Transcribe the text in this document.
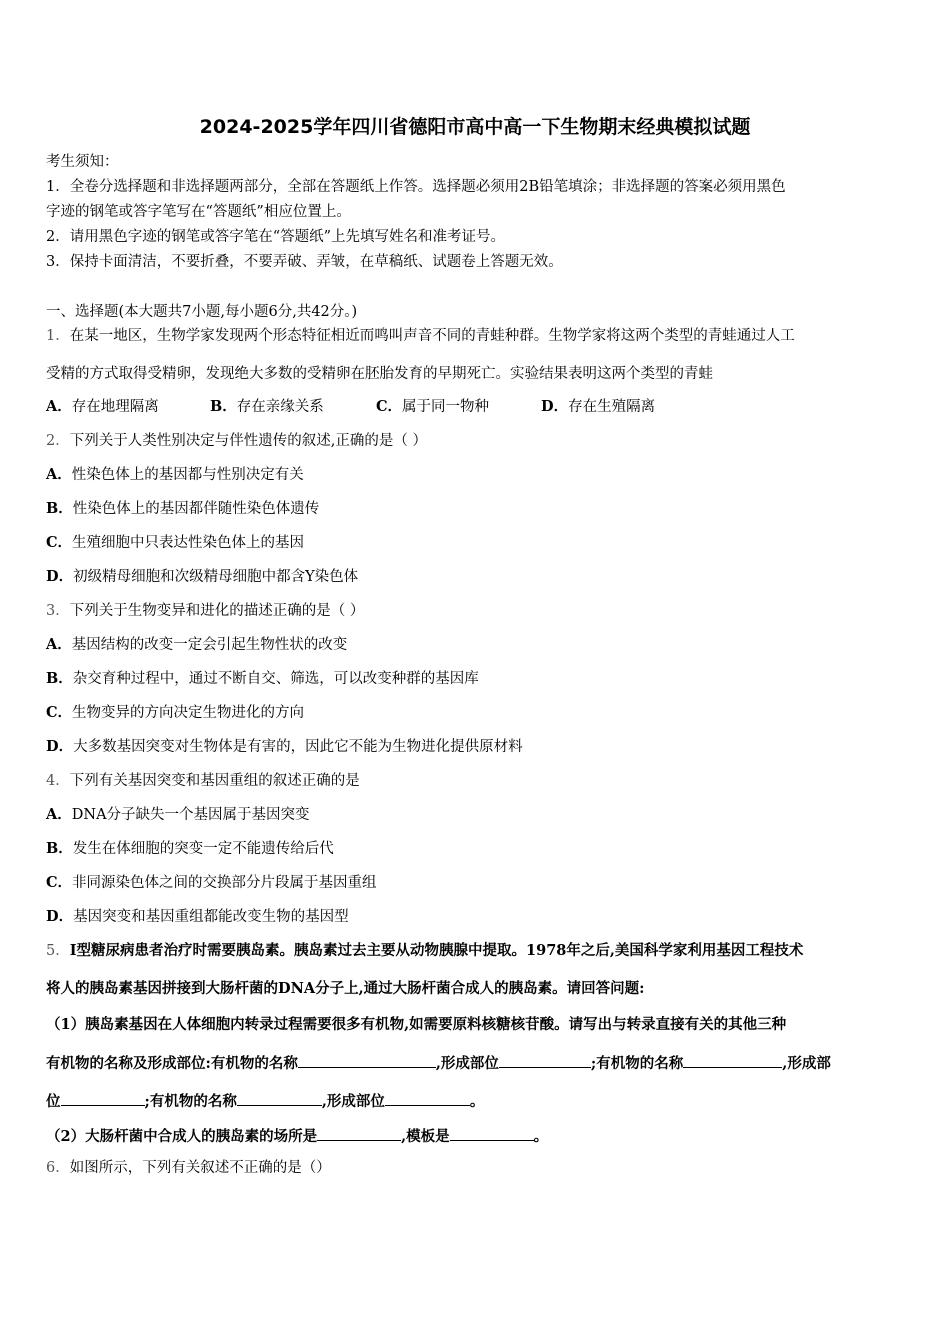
2024-2025学年四川省德阳市高中高一下生物期末经典模拟试题
考生须知：
1．全卷分选择题和非选择题两部分，全部在答题纸上作答。选择题必须用2B铅笔填涂；非选择题的答案必须用黑色
字迹的钢笔或答字笔写在“答题纸”相应位置上。
2．请用黑色字迹的钢笔或答字笔在“答题纸”上先填写姓名和准考证号。
3．保持卡面清洁，不要折叠，不要弄破、弄皱，在草稿纸、试题卷上答题无效。
一、选择题(本大题共7小题,每小题6分,共42分。)
1．在某一地区，生物学家发现两个形态特征相近而鸣叫声音不同的青蛙种群。生物学家将这两个类型的青蛙通过人工
受精的方式取得受精卵，发现绝大多数的受精卵在胚胎发育的早期死亡。实验结果表明这两个类型的青蛙
A．存在地理隔离	B．存在亲缘关系	C．属于同一物种	D．存在生殖隔离
2．下列关于人类性别决定与伴性遗传的叙述,正确的是（ ）
A．性染色体上的基因都与性别决定有关
B．性染色体上的基因都伴随性染色体遗传
C．生殖细胞中只表达性染色体上的基因
D．初级精母细胞和次级精母细胞中都含Y染色体
3．下列关于生物变异和进化的描述正确的是（ ）
A．基因结构的改变一定会引起生物性状的改变
B．杂交育种过程中，通过不断自交、筛选，可以改变种群的基因库
C．生物变异的方向决定生物进化的方向
D．大多数基因突变对生物体是有害的，因此它不能为生物进化提供原材料
4．下列有关基因突变和基因重组的叙述正确的是
A．DNA分子缺失一个基因属于基因突变
B．发生在体细胞的突变一定不能遗传给后代
C．非同源染色体之间的交换部分片段属于基因重组
D．基因突变和基因重组都能改变生物的基因型
5．Ⅰ型糖尿病患者治疗时需要胰岛素。胰岛素过去主要从动物胰腺中提取。1978年之后,美国科学家利用基因工程技术
将人的胰岛素基因拼接到大肠杆菌的DNA分子上,通过大肠杆菌合成人的胰岛素。请回答问题:
（1）胰岛素基因在人体细胞内转录过程需要很多有机物,如需要原料核糖核苷酸。请写出与转录直接有关的其他三种
有机物的名称及形成部位:有机物的名称	,形成部位	;有机物的名称	,形成部
位	;有机物的名称	,形成部位	。
（2）大肠杆菌中合成人的胰岛素的场所是	,模板是	。
6．如图所示，下列有关叙述不正确的是（）
